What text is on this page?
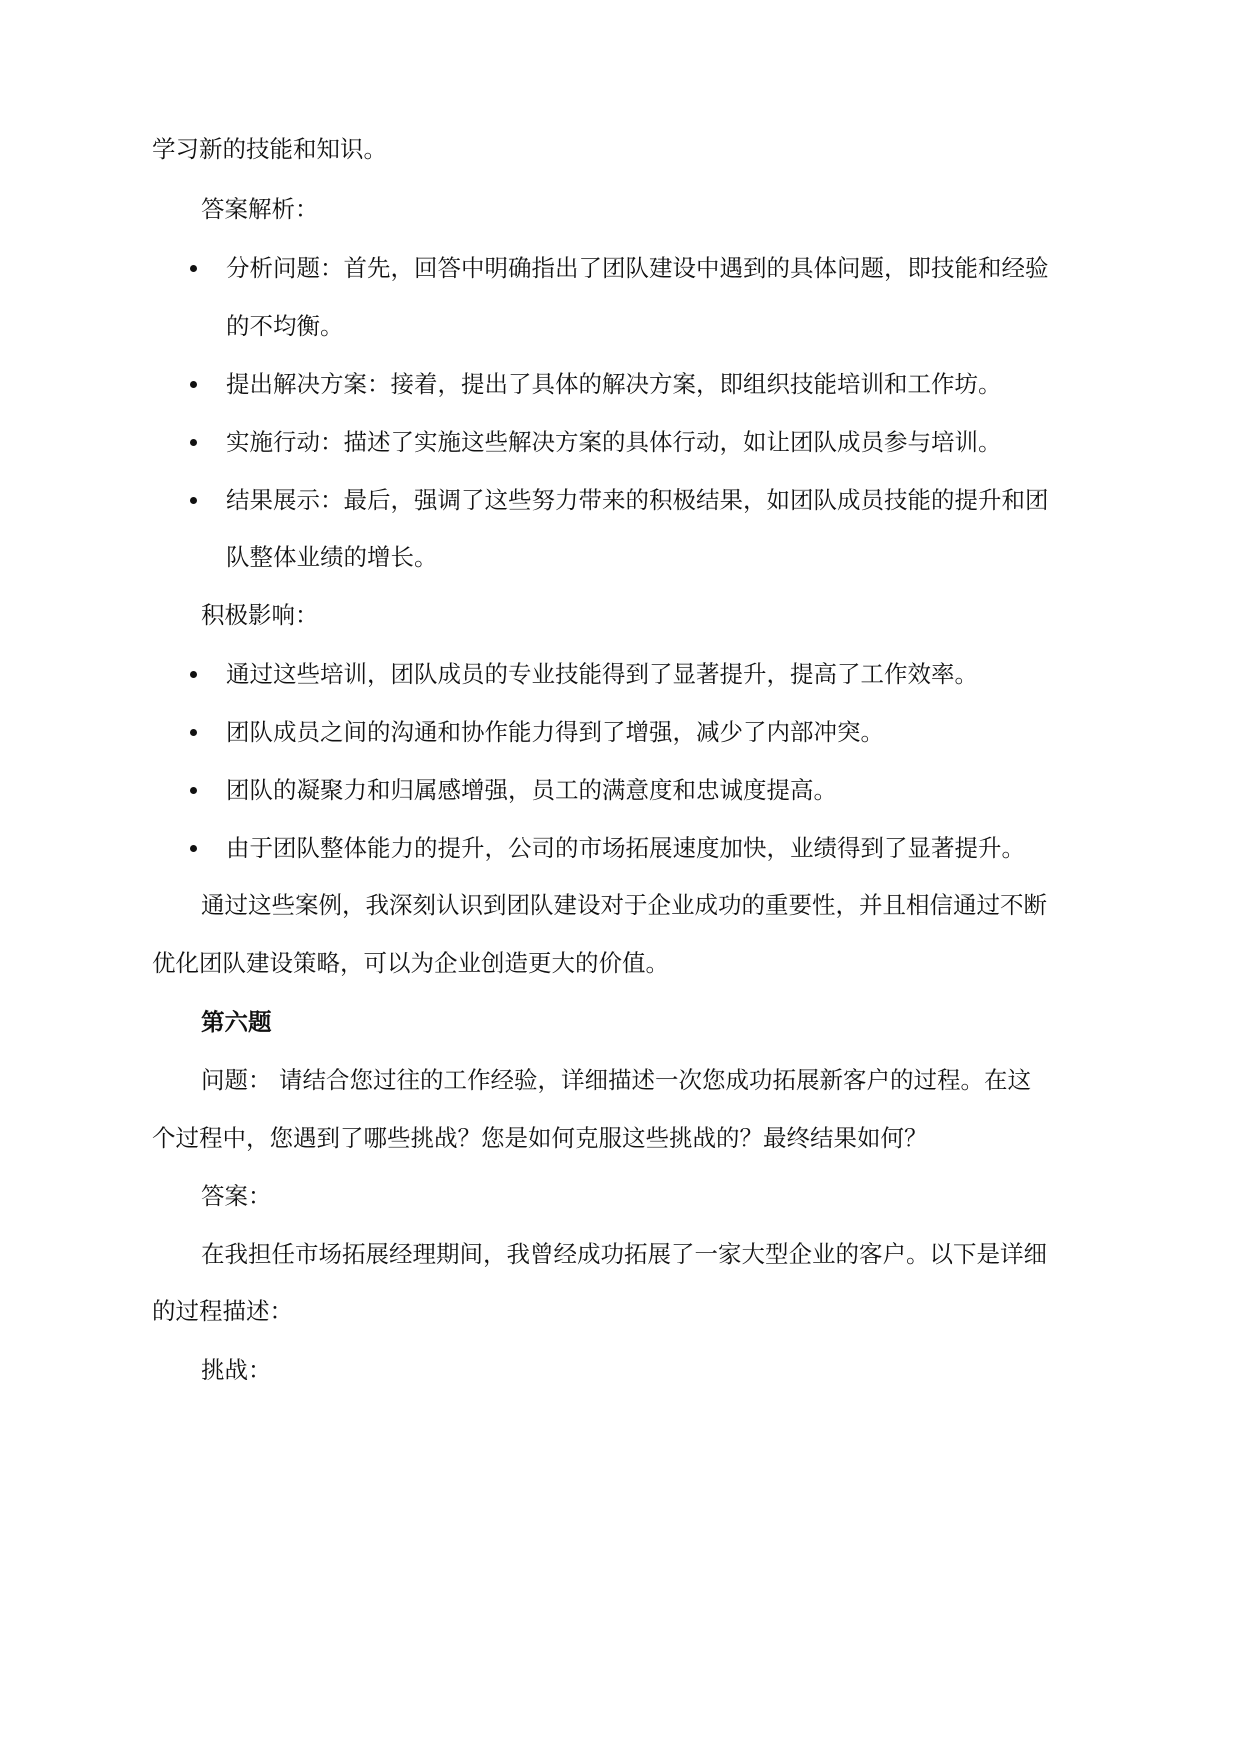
学习新的技能和知识。
答案解析：
分析问题：首先，回答中明确指出了团队建设中遇到的具体问题，即技能和经验
的不均衡。
提出解决方案：接着，提出了具体的解决方案，即组织技能培训和工作坊。
实施行动：描述了实施这些解决方案的具体行动，如让团队成员参与培训。
结果展示：最后，强调了这些努力带来的积极结果，如团队成员技能的提升和团
队整体业绩的增长。
积极影响：
通过这些培训，团队成员的专业技能得到了显著提升，提高了工作效率。
团队成员之间的沟通和协作能力得到了增强，减少了内部冲突。
团队的凝聚力和归属感增强，员工的满意度和忠诚度提高。
由于团队整体能力的提升，公司的市场拓展速度加快，业绩得到了显著提升。
通过这些案例，我深刻认识到团队建设对于企业成功的重要性，并且相信通过不断
优化团队建设策略，可以为企业创造更大的价值。
第六题
问题： 请结合您过往的工作经验，详细描述一次您成功拓展新客户的过程。在这
个过程中，您遇到了哪些挑战？您是如何克服这些挑战的？最终结果如何？
答案：
在我担任市场拓展经理期间，我曾经成功拓展了一家大型企业的客户。以下是详细
的过程描述：
挑战：
